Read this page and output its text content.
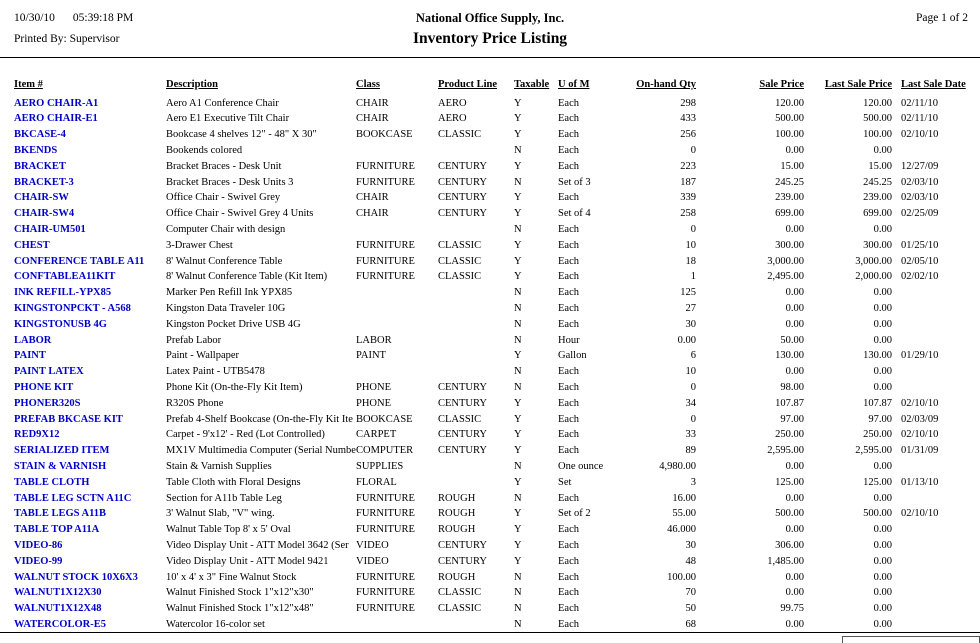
10/30/10 05:39:18 PM	National Office Supply, Inc.	Page 1 of 2
Printed By: Supervisor	Inventory Price Listing
Item #	Description	Class	Product Line	Taxable	U of M	On-hand Qty	Sale Price	Last Sale Price	Last Sale Date
AERO CHAIR-A1	Aero A1 Conference Chair	CHAIR	AERO	Y	Each	298	120.00	120.00	02/11/10
AERO CHAIR-E1	Aero E1 Executive Tilt Chair	CHAIR	AERO	Y	Each	433	500.00	500.00	02/11/10
BKCASE-4	Bookcase 4 shelves 12" - 48" X 30"	BOOKCASE	CLASSIC	Y	Each	256	100.00	100.00	02/10/10
BKENDS	Bookends colored			N	Each	0	0.00	0.00	
BRACKET	Bracket Braces - Desk Unit	FURNITURE	CENTURY	Y	Each	223	15.00	15.00	12/27/09
BRACKET-3	Bracket Braces - Desk Units 3	FURNITURE	CENTURY	N	Set of 3	187	245.25	245.25	02/03/10
CHAIR-SW	Office Chair - Swivel Grey	CHAIR	CENTURY	Y	Each	339	239.00	239.00	02/03/10
CHAIR-SW4	Office Chair - Swivel Grey 4 Units	CHAIR	CENTURY	Y	Set of 4	258	699.00	699.00	02/25/09
CHAIR-UM501	Computer Chair with design			N	Each	0	0.00	0.00	
CHEST	3-Drawer Chest	FURNITURE	CLASSIC	Y	Each	10	300.00	300.00	01/25/10
CONFERENCE TABLE A11	8' Walnut Conference Table	FURNITURE	CLASSIC	Y	Each	18	3,000.00	3,000.00	02/05/10
CONFTABLEA11KIT	8' Walnut Conference Table (Kit Item)	FURNITURE	CLASSIC	Y	Each	1	2,495.00	2,000.00	02/02/10
INK REFILL-YPX85	Marker Pen Refill Ink YPX85			N	Each	125	0.00	0.00	
KINGSTONPCKT - A568	Kingston Data Traveler 10G			N	Each	27	0.00	0.00	
KINGSTONUSB 4G	Kingston Pocket Drive USB 4G			N	Each	30	0.00	0.00	
LABOR	Prefab Labor	LABOR		N	Hour	0.00	50.00	0.00	
PAINT	Paint - Wallpaper	PAINT		Y	Gallon	6	130.00	130.00	01/29/10
PAINT LATEX	Latex Paint - UTB5478			N	Each	10	0.00	0.00	
PHONE KIT	Phone Kit (On-the-Fly Kit Item)	PHONE	CENTURY	N	Each	0	98.00	0.00	
PHONER320S	R320S Phone	PHONE	CENTURY	Y	Each	34	107.87	107.87	02/10/10
PREFAB BKCASE KIT	Prefab 4-Shelf Bookcase (On-the-Fly Kit Ite	BOOKCASE	CLASSIC	Y	Each	0	97.00	97.00	02/03/09
RED9X12	Carpet - 9'x12' - Red (Lot Controlled)	CARPET	CENTURY	Y	Each	33	250.00	250.00	02/10/10
SERIALIZED ITEM	MX1V Multimedia Computer (Serial Numbe	COMPUTER	CENTURY	Y	Each	89	2,595.00	2,595.00	01/31/09
STAIN & VARNISH	Stain & Varnish Supplies	SUPPLIES		N	One ounce	4,980.00	0.00	0.00	
TABLE CLOTH	Table Cloth with Floral Designs	FLORAL		Y	Set	3	125.00	125.00	01/13/10
TABLE LEG SCTN A11C	Section for A11b Table Leg	FURNITURE	ROUGH	N	Each	16.00	0.00	0.00	
TABLE LEGS A11B	3' Walnut Slab, "V" wing.	FURNITURE	ROUGH	Y	Set of 2	55.00	500.00	500.00	02/10/10
TABLE TOP A11A	Walnut Table Top 8' x 5' Oval	FURNITURE	ROUGH	Y	Each	46.000	0.00	0.00	
VIDEO-86	Video Display Unit - ATT Model 3642 (Ser	VIDEO	CENTURY	Y	Each	30	306.00	0.00	
VIDEO-99	Video Display Unit - ATT Model 9421	VIDEO	CENTURY	Y	Each	48	1,485.00	0.00	
WALNUT STOCK 10X6X3	10' x 4' x 3" Fine Walnut Stock	FURNITURE	ROUGH	N	Each	100.00	0.00	0.00	
WALNUT1X12X30	Walnut Finished Stock 1"x12"x30"	FURNITURE	CLASSIC	N	Each	70	0.00	0.00	
WALNUT1X12X48	Walnut Finished Stock 1"x12"x48"	FURNITURE	CLASSIC	N	Each	50	99.75	0.00	
WATERCOLOR-E5	Watercolor 16-color set			N	Each	68	0.00	0.00	
